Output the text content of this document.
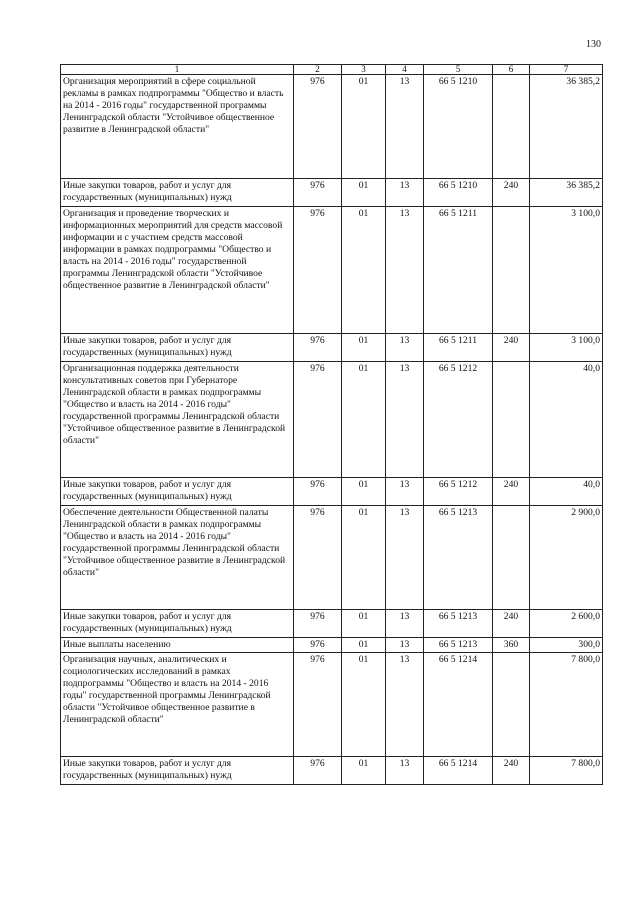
130
1	2	3	4	5	6	7
Организация мероприятий в сфере социальной рекламы в рамках подпрограммы "Общество и власть на 2014 - 2016 годы" государственной программы Ленинградской области "Устойчивое общественное развитие в Ленинградской области"	976	01	13	66 5 1210		36 385,2
Иные закупки товаров, работ и услуг для государственных (муниципальных) нужд	976	01	13	66 5 1210	240	36 385,2
Организация и проведение творческих и информационных мероприятий для средств массовой информации и с участием средств массовой информации в рамках подпрограммы "Общество и власть на 2014 - 2016 годы" государственной программы Ленинградской области "Устойчивое общественное развитие в Ленинградской области"	976	01	13	66 5 1211		3 100,0
Иные закупки товаров, работ и услуг для государственных (муниципальных) нужд	976	01	13	66 5 1211	240	3 100,0
Организационная поддержка деятельности консультативных советов при Губернаторе Ленинградской области в рамках подпрограммы "Общество и власть на 2014 - 2016 годы" государственной программы Ленинградской области "Устойчивое общественное развитие в Ленинградской области"	976	01	13	66 5 1212		40,0
Иные закупки товаров, работ и услуг для государственных (муниципальных) нужд	976	01	13	66 5 1212	240	40,0
Обеспечение деятельности Общественной палаты Ленинградской области в рамках подпрограммы "Общество и власть на 2014 - 2016 годы" государственной программы Ленинградской области "Устойчивое общественное развитие в Ленинградской области"	976	01	13	66 5 1213		2 900,0
Иные закупки товаров, работ и услуг для государственных (муниципальных) нужд	976	01	13	66 5 1213	240	2 600,0
Иные выплаты населению	976	01	13	66 5 1213	360	300,0
Организация научных, аналитических и социологических исследований в рамках подпрограммы "Общество и власть на 2014 - 2016 годы" государственной программы Ленинградской области "Устойчивое общественное развитие в Ленинградской области"	976	01	13	66 5 1214		7 800,0
Иные закупки товаров, работ и услуг для государственных (муниципальных) нужд	976	01	13	66 5 1214	240	7 800,0
